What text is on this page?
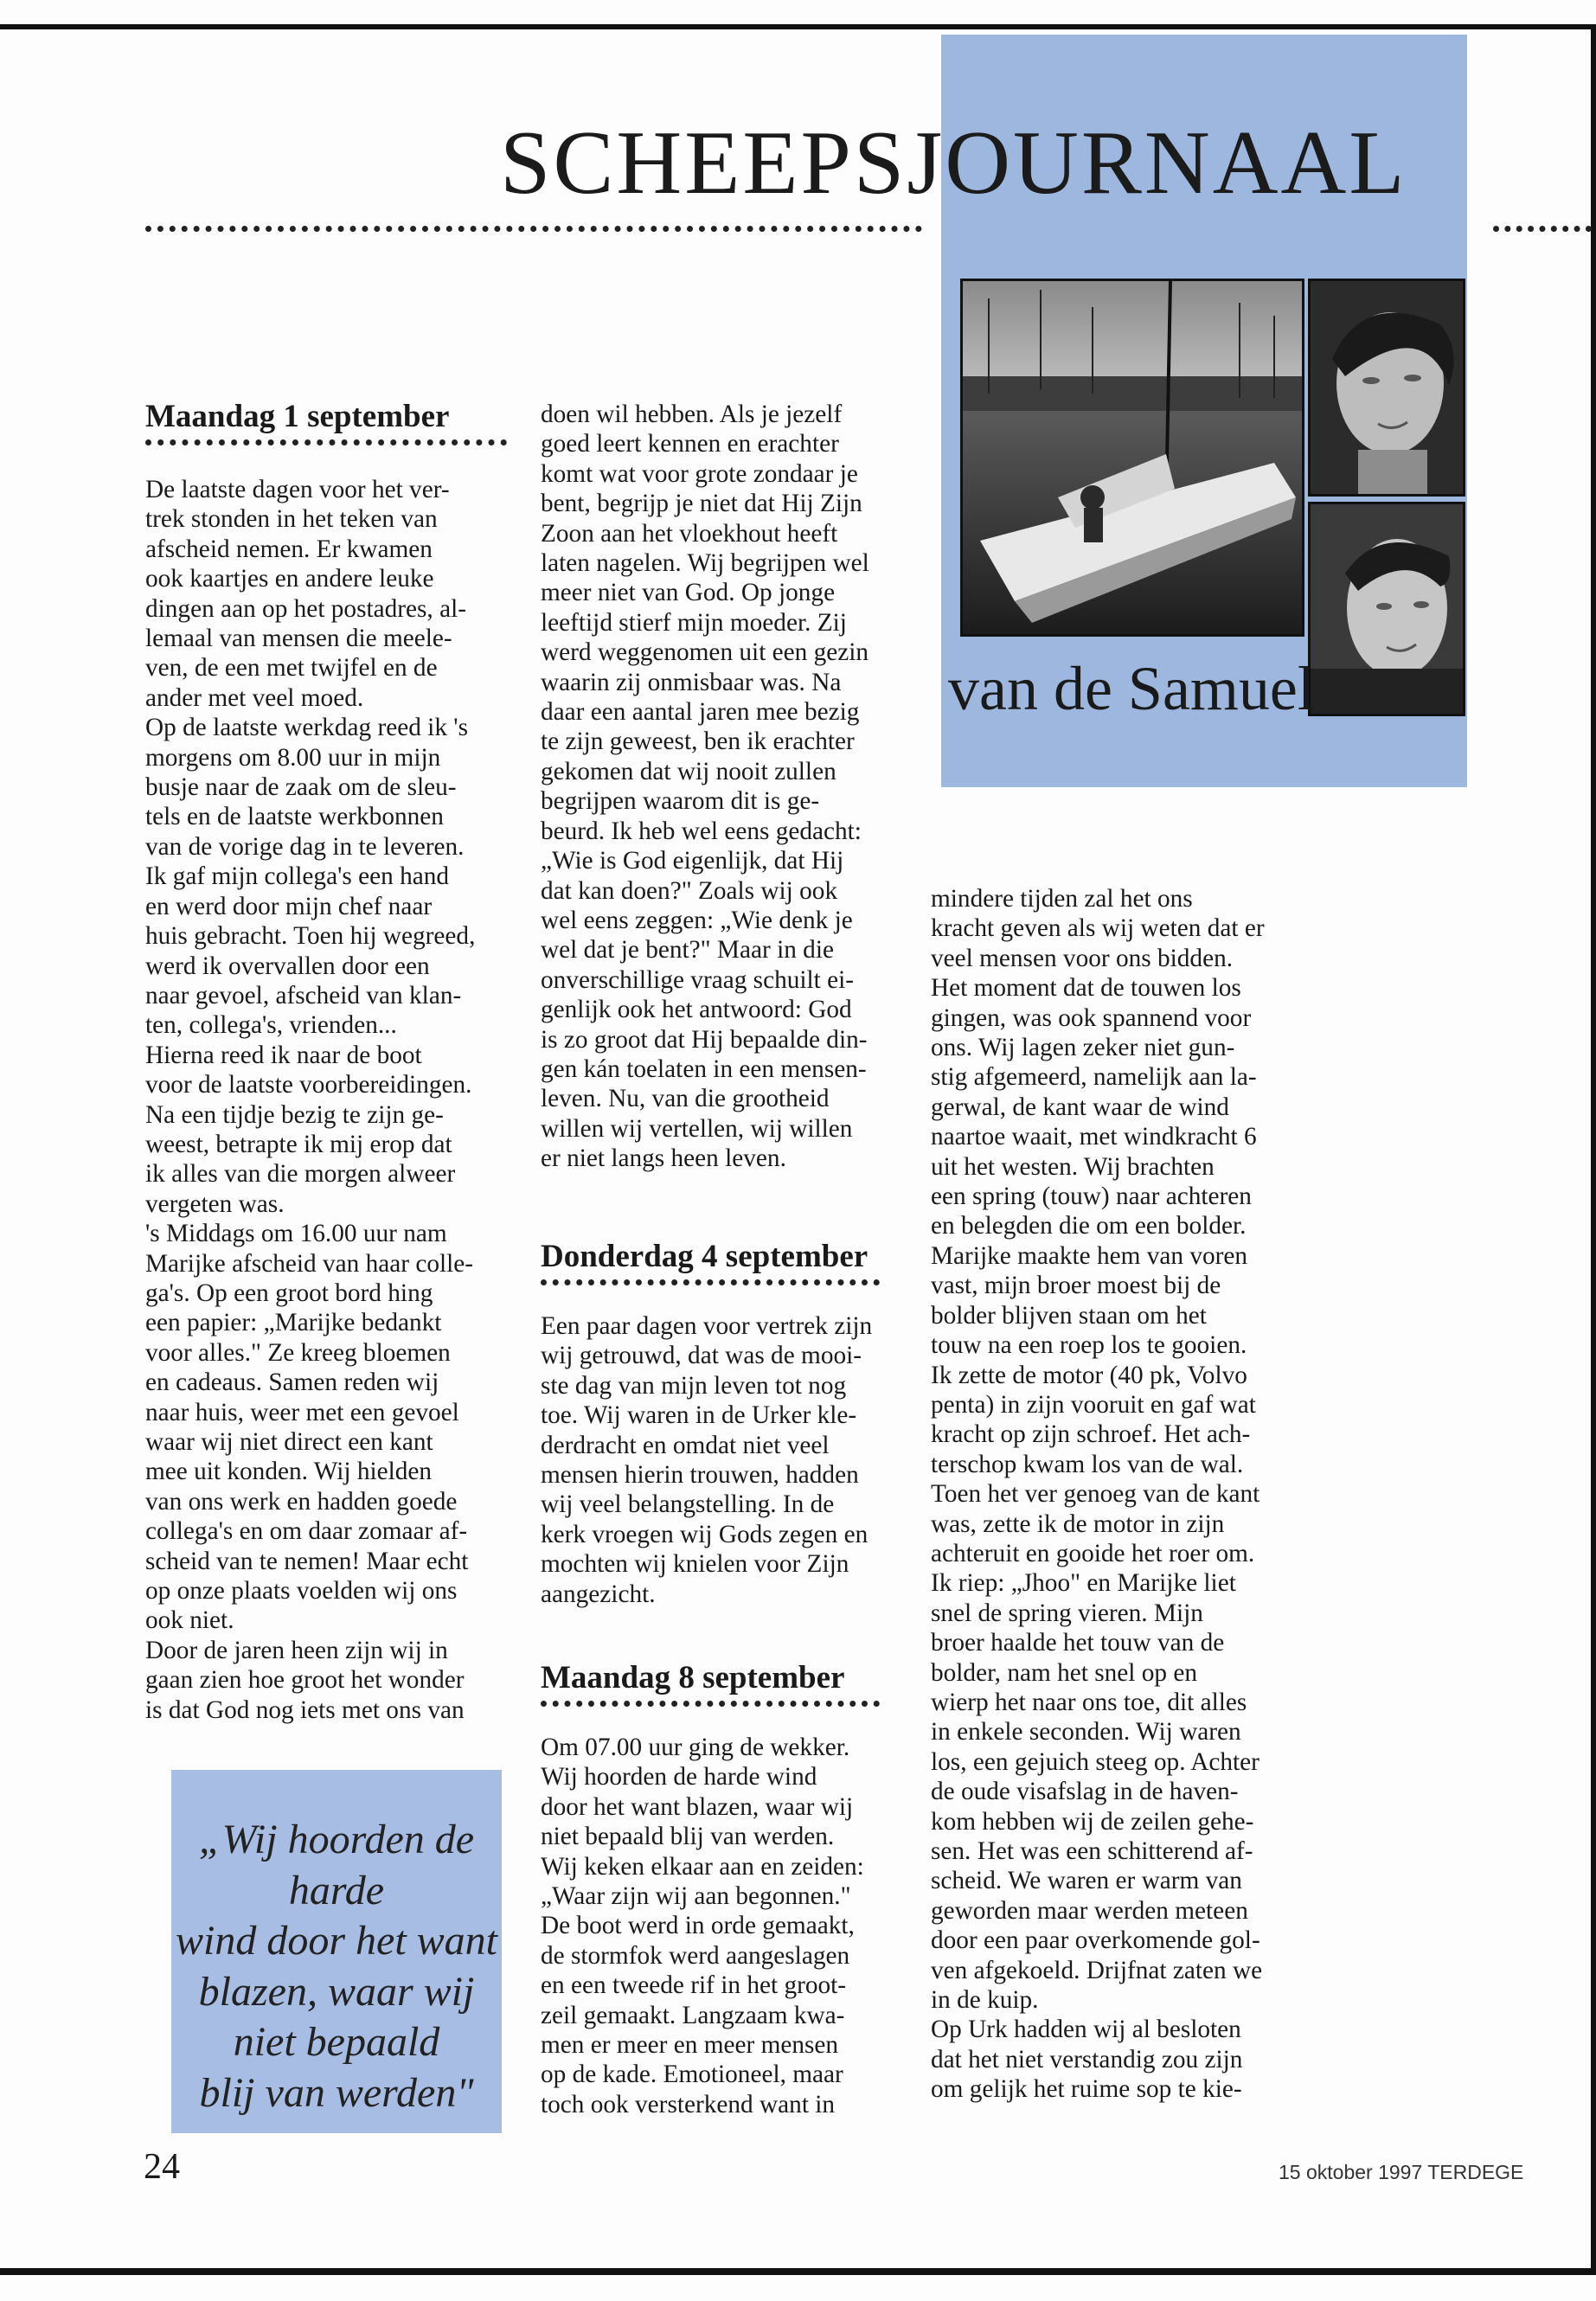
SCHEEPSJOURNAAL
van de Samuel
Maandag 1 september

De laatste dagen voor het ver-

trek stonden in het teken van

afscheid nemen. Er kwamen

ook kaartjes en andere leuke

dingen aan op het postadres, al-

lemaal van mensen die meele-

ven, de een met twijfel en de

ander met veel moed.

Op de laatste werkdag reed ik 's

morgens om 8.00 uur in mijn

busje naar de zaak om de sleu-

tels en de laatste werkbonnen

van de vorige dag in te leveren.

Ik gaf mijn collega's een hand

en werd door mijn chef naar

huis gebracht. Toen hij wegreed,

werd ik overvallen door een

naar gevoel, afscheid van klan-

ten, collega's, vrienden...

Hierna reed ik naar de boot

voor de laatste voorbereidingen.

Na een tijdje bezig te zijn ge-

weest, betrapte ik mij erop dat

ik alles van die morgen alweer

vergeten was.

's Middags om 16.00 uur nam

Marijke afscheid van haar colle-

ga's. Op een groot bord hing

een papier: „Marijke bedankt

voor alles." Ze kreeg bloemen

en cadeaus. Samen reden wij

naar huis, weer met een gevoel

waar wij niet direct een kant

mee uit konden. Wij hielden

van ons werk en hadden goede

collega's en om daar zomaar af-

scheid van te nemen! Maar echt

op onze plaats voelden wij ons

ook niet.

Door de jaren heen zijn wij in

gaan zien hoe groot het wonder

is dat God nog iets met ons van

„Wij hoorden de harde
wind door het want
blazen, waar wij
niet bepaald
blij van werden"

doen wil hebben. Als je jezelf

goed leert kennen en erachter

komt wat voor grote zondaar je

bent, begrijp je niet dat Hij Zijn

Zoon aan het vloekhout heeft

laten nagelen. Wij begrijpen wel

meer niet van God. Op jonge

leeftijd stierf mijn moeder. Zij

werd weggenomen uit een gezin

waarin zij onmisbaar was. Na

daar een aantal jaren mee bezig

te zijn geweest, ben ik erachter

gekomen dat wij nooit zullen

begrijpen waarom dit is ge-

beurd. Ik heb wel eens gedacht:

„Wie is God eigenlijk, dat Hij

dat kan doen?" Zoals wij ook

wel eens zeggen: „Wie denk je

wel dat je bent?" Maar in die

onverschillige vraag schuilt ei-

genlijk ook het antwoord: God

is zo groot dat Hij bepaalde din-

gen kán toelaten in een mensen-

leven. Nu, van die grootheid

willen wij vertellen, wij willen

er niet langs heen leven.

Donderdag 4 september

Een paar dagen voor vertrek zijn

wij getrouwd, dat was de mooi-

ste dag van mijn leven tot nog

toe. Wij waren in de Urker kle-

derdracht en omdat niet veel

mensen hierin trouwen, hadden

wij veel belangstelling. In de

kerk vroegen wij Gods zegen en

mochten wij knielen voor Zijn

aangezicht.

Maandag 8 september

Om 07.00 uur ging de wekker.

Wij hoorden de harde wind

door het want blazen, waar wij

niet bepaald blij van werden.

Wij keken elkaar aan en zeiden:

„Waar zijn wij aan begonnen."

De boot werd in orde gemaakt,

de stormfok werd aangeslagen

en een tweede rif in het groot-

zeil gemaakt. Langzaam kwa-

men er meer en meer mensen

op de kade. Emotioneel, maar

toch ook versterkend want in

mindere tijden zal het ons

kracht geven als wij weten dat er

veel mensen voor ons bidden.

Het moment dat de touwen los

gingen, was ook spannend voor

ons. Wij lagen zeker niet gun-

stig afgemeerd, namelijk aan la-

gerwal, de kant waar de wind

naartoe waait, met windkracht 6

uit het westen. Wij brachten

een spring (touw) naar achteren

en belegden die om een bolder.

Marijke maakte hem van voren

vast, mijn broer moest bij de

bolder blijven staan om het

touw na een roep los te gooien.

Ik zette de motor (40 pk, Volvo

penta) in zijn vooruit en gaf wat

kracht op zijn schroef. Het ach-

terschop kwam los van de wal.

Toen het ver genoeg van de kant

was, zette ik de motor in zijn

achteruit en gooide het roer om.

Ik riep: „Jhoo" en Marijke liet

snel de spring vieren. Mijn

broer haalde het touw van de

bolder, nam het snel op en

wierp het naar ons toe, dit alles

in enkele seconden. Wij waren

los, een gejuich steeg op. Achter

de oude visafslag in de haven-

kom hebben wij de zeilen gehe-

sen. Het was een schitterend af-

scheid. We waren er warm van

geworden maar werden meteen

door een paar overkomende gol-

ven afgekoeld. Drijfnat zaten we

in de kuip.

Op Urk hadden wij al besloten

dat het niet verstandig zou zijn

om gelijk het ruime sop te kie-

24	15 oktober 1997 TERDEGE
